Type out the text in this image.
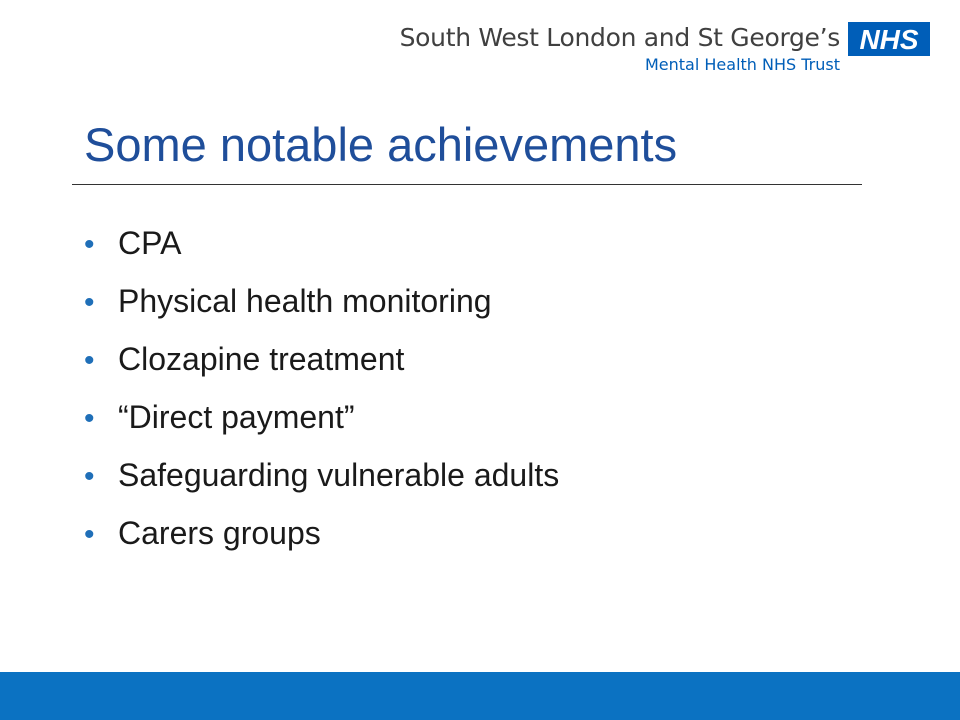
South West London and St George’s
Mental Health NHS Trust
NHS
Some notable achievements
• CPA
• Physical health monitoring
• Clozapine treatment
• “Direct payment”
• Safeguarding vulnerable adults
• Carers groups
